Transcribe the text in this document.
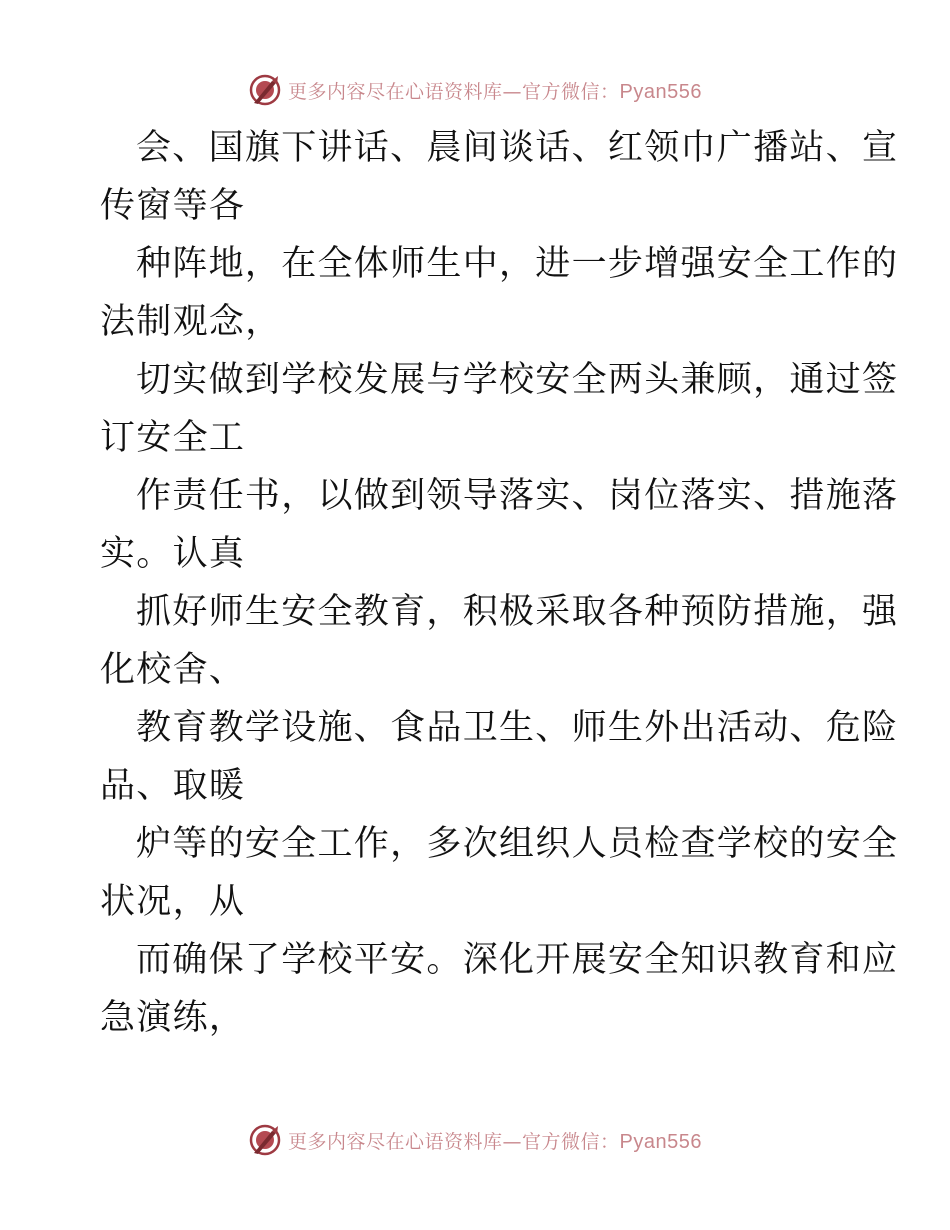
更多内容尽在心语资料库—官方微信：Pyan556
会、国旗下讲话、晨间谈话、红领巾广播站、宣
传窗等各
种阵地，在全体师生中，进一步增强安全工作的
法制观念，
切实做到学校发展与学校安全两头兼顾，通过签
订安全工
作责任书，以做到领导落实、岗位落实、措施落
实。认真
抓好师生安全教育，积极采取各种预防措施，强
化校舍、
教育教学设施、食品卫生、师生外出活动、危险
品、取暖
炉等的安全工作，多次组织人员检查学校的安全
状况，从
而确保了学校平安。深化开展安全知识教育和应
急演练，
更多内容尽在心语资料库—官方微信：Pyan556
